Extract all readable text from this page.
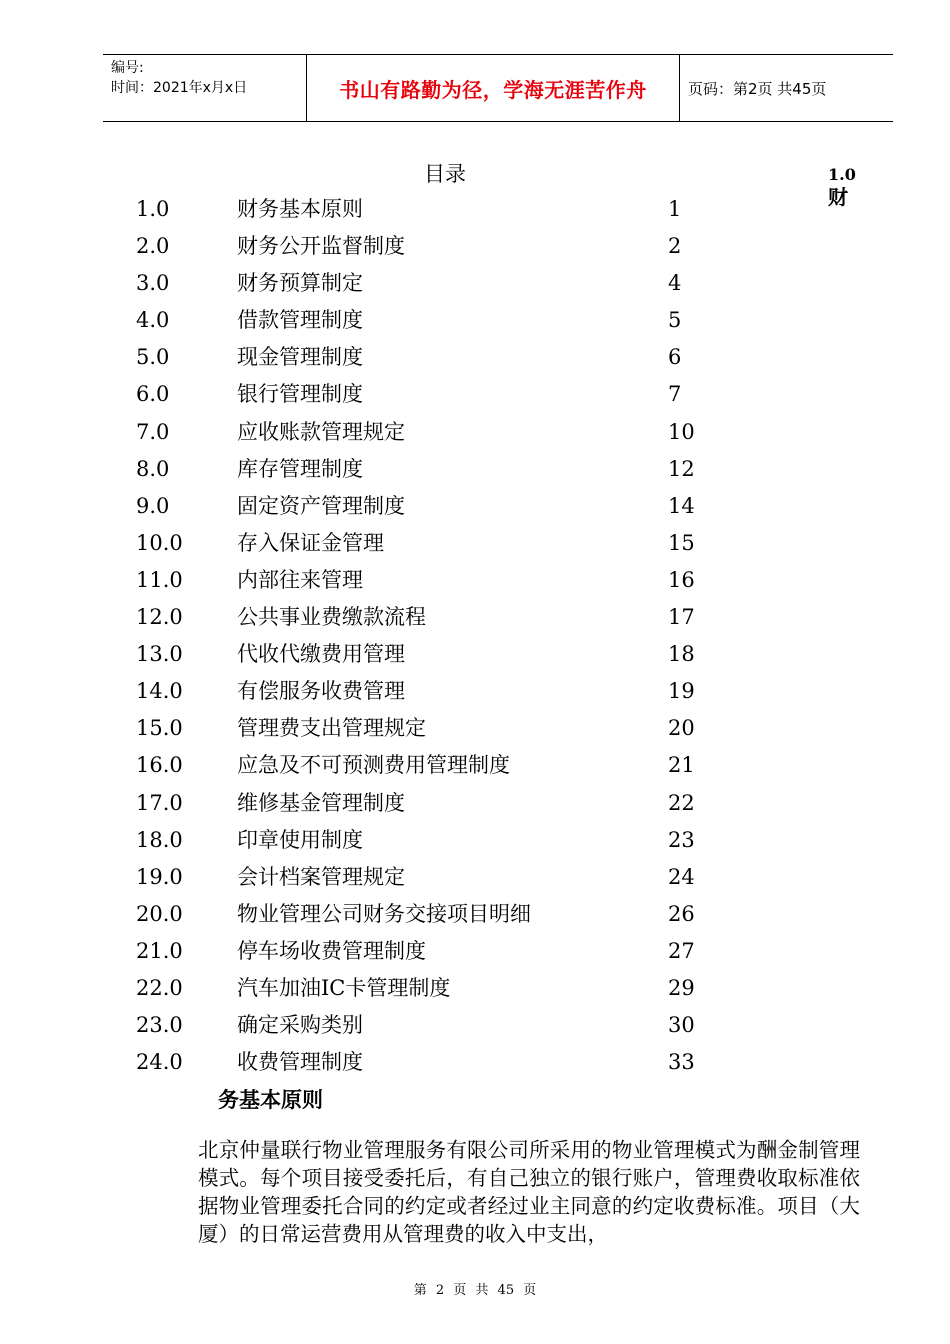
编号:
时间：2021年x月x日	书山有路勤为径，学海无涯苦作舟	页码：第2页 共45页
目录	1.0
财
1.0	财务基本原则	1
2.0	财务公开监督制度	2
3.0	财务预算制定	4
4.0	借款管理制度	5
5.0	现金管理制度	6
6.0	银行管理制度	7
7.0	应收账款管理规定	10
8.0	库存管理制度	12
9.0	固定资产管理制度	14
10.0	存入保证金管理	15
11.0	内部往来管理	16
12.0	公共事业费缴款流程	17
13.0	代收代缴费用管理	18
14.0	有偿服务收费管理	19
15.0	管理费支出管理规定	20
16.0	应急及不可预测费用管理制度	21
17.0	维修基金管理制度	22
18.0	印章使用制度	23
19.0	会计档案管理规定	24
20.0	物业管理公司财务交接项目明细	26
21.0	停车场收费管理制度	27
22.0	汽车加油IC卡管理制度	29
23.0	确定采购类别	30
24.0	收费管理制度	33
务基本原则
北京仲量联行物业管理服务有限公司所采用的物业管理模式为酬金制管理模式。每个项目接受委托后，有自己独立的银行账户，管理费收取标准依据物业管理委托合同的约定或者经过业主同意的约定收费标准。项目（大厦）的日常运营费用从管理费的收入中支出，
第 2 页 共 45 页
